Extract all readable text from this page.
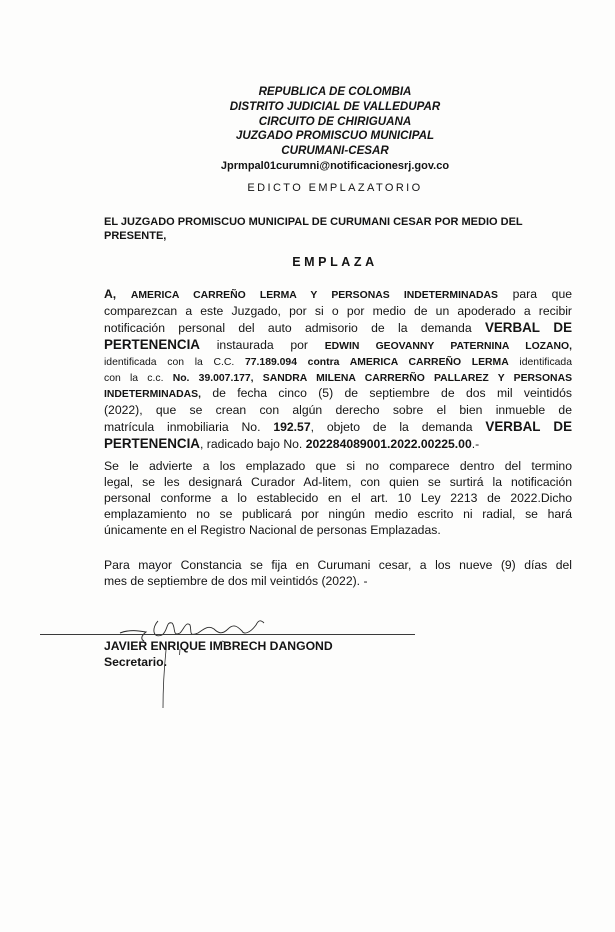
REPUBLICA DE COLOMBIA
DISTRITO JUDICIAL DE VALLEDUPAR
CIRCUITO DE CHIRIGUANA
JUZGADO PROMISCUO MUNICIPAL
CURUMANI-CESAR
Jprmpal01curumni@notificacionesrj.gov.co
EDICTO EMPLAZATORIO
EL JUZGADO PROMISCUO MUNICIPAL DE CURUMANI CESAR POR MEDIO DEL
PRESENTE,
EMPLAZA
A, AMERICA CARREÑO LERMA Y PERSONAS INDETERMINADAS para que
comparezcan a este Juzgado, por si o por medio de un apoderado a recibir
notificación personal del auto admisorio de la demanda VERBAL DE
PERTENENCIA instaurada por EDWIN GEOVANNY PATERNINA LOZANO,
identificada con la C.C. 77.189.094 contra AMERICA CARREÑO LERMA identificada
con la c.c. No. 39.007.177, SANDRA MILENA CARRERÑO PALLAREZ Y PERSONAS
INDETERMINADAS, de fecha cinco (5) de septiembre de dos mil veintidós
(2022), que se crean con algún derecho sobre el bien inmueble de
matrícula inmobiliaria No. 192.57, objeto de la demanda VERBAL DE
PERTENENCIA, radicado bajo No. 202284089001.2022.00225.00.-
Se le advierte a los emplazado que si no comparece dentro del termino
legal, se les designará Curador Ad-litem, con quien se surtirá la notificación
personal conforme a lo establecido en el art. 10 Ley 2213 de 2022.Dicho
emplazamiento no se publicará por ningún medio escrito ni radial, se hará
únicamente en el Registro Nacional de personas Emplazadas.
Para mayor Constancia se fija en Curumani cesar, a los nueve (9) días del
mes de septiembre de dos mil veintidós (2022). -
JAVIER ENRIQUE IMBRECH DANGOND
Secretario.
